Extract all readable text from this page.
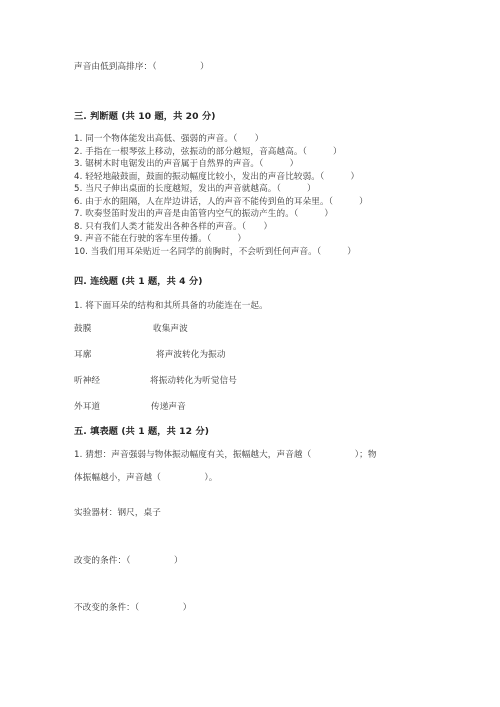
声音由低到高排序：（　　　　　）
三. 判断题 (共 10 题，共 20 分)
1. 同一个物体能发出高低、强弱的声音。（　　）
2. 手指在一根琴弦上移动，弦振动的部分越短，音高越高。（　　　）
3. 锯树木时电锯发出的声音属于自然界的声音。（　　　）
4. 轻轻地敲鼓面，鼓面的振动幅度比较小，发出的声音比较弱。（　　　）
5. 当尺子伸出桌面的长度越短，发出的声音就越高。（　　　）
6. 由于水的阻隔，人在岸边讲话，人的声音不能传到鱼的耳朵里。（　　　）
7. 吹奏竖笛时发出的声音是由笛管内空气的振动产生的。（　　　）
8. 只有我们人类才能发出各种各样的声音。（　　）
9. 声音不能在行驶的客车里传播。（　　　）
10. 当我们用耳朵贴近一名同学的前胸时，不会听到任何声音。（　　　）
四. 连线题 (共 1 题，共 4 分)
1. 将下面耳朵的结构和其所具备的功能连在一起。
鼓膜	收集声波
耳廓	将声波转化为振动
听神经	将振动转化为听觉信号
外耳道	传递声音
五. 填表题 (共 1 题，共 12 分)
1. 猜想：声音强弱与物体振动幅度有关，振幅越大，声音越（　　　　　）；物
体振幅越小，声音越（　　　　　）。
实验器材：钢尺，桌子
改变的条件：（　　　　　）
不改变的条件：（　　　　　）
